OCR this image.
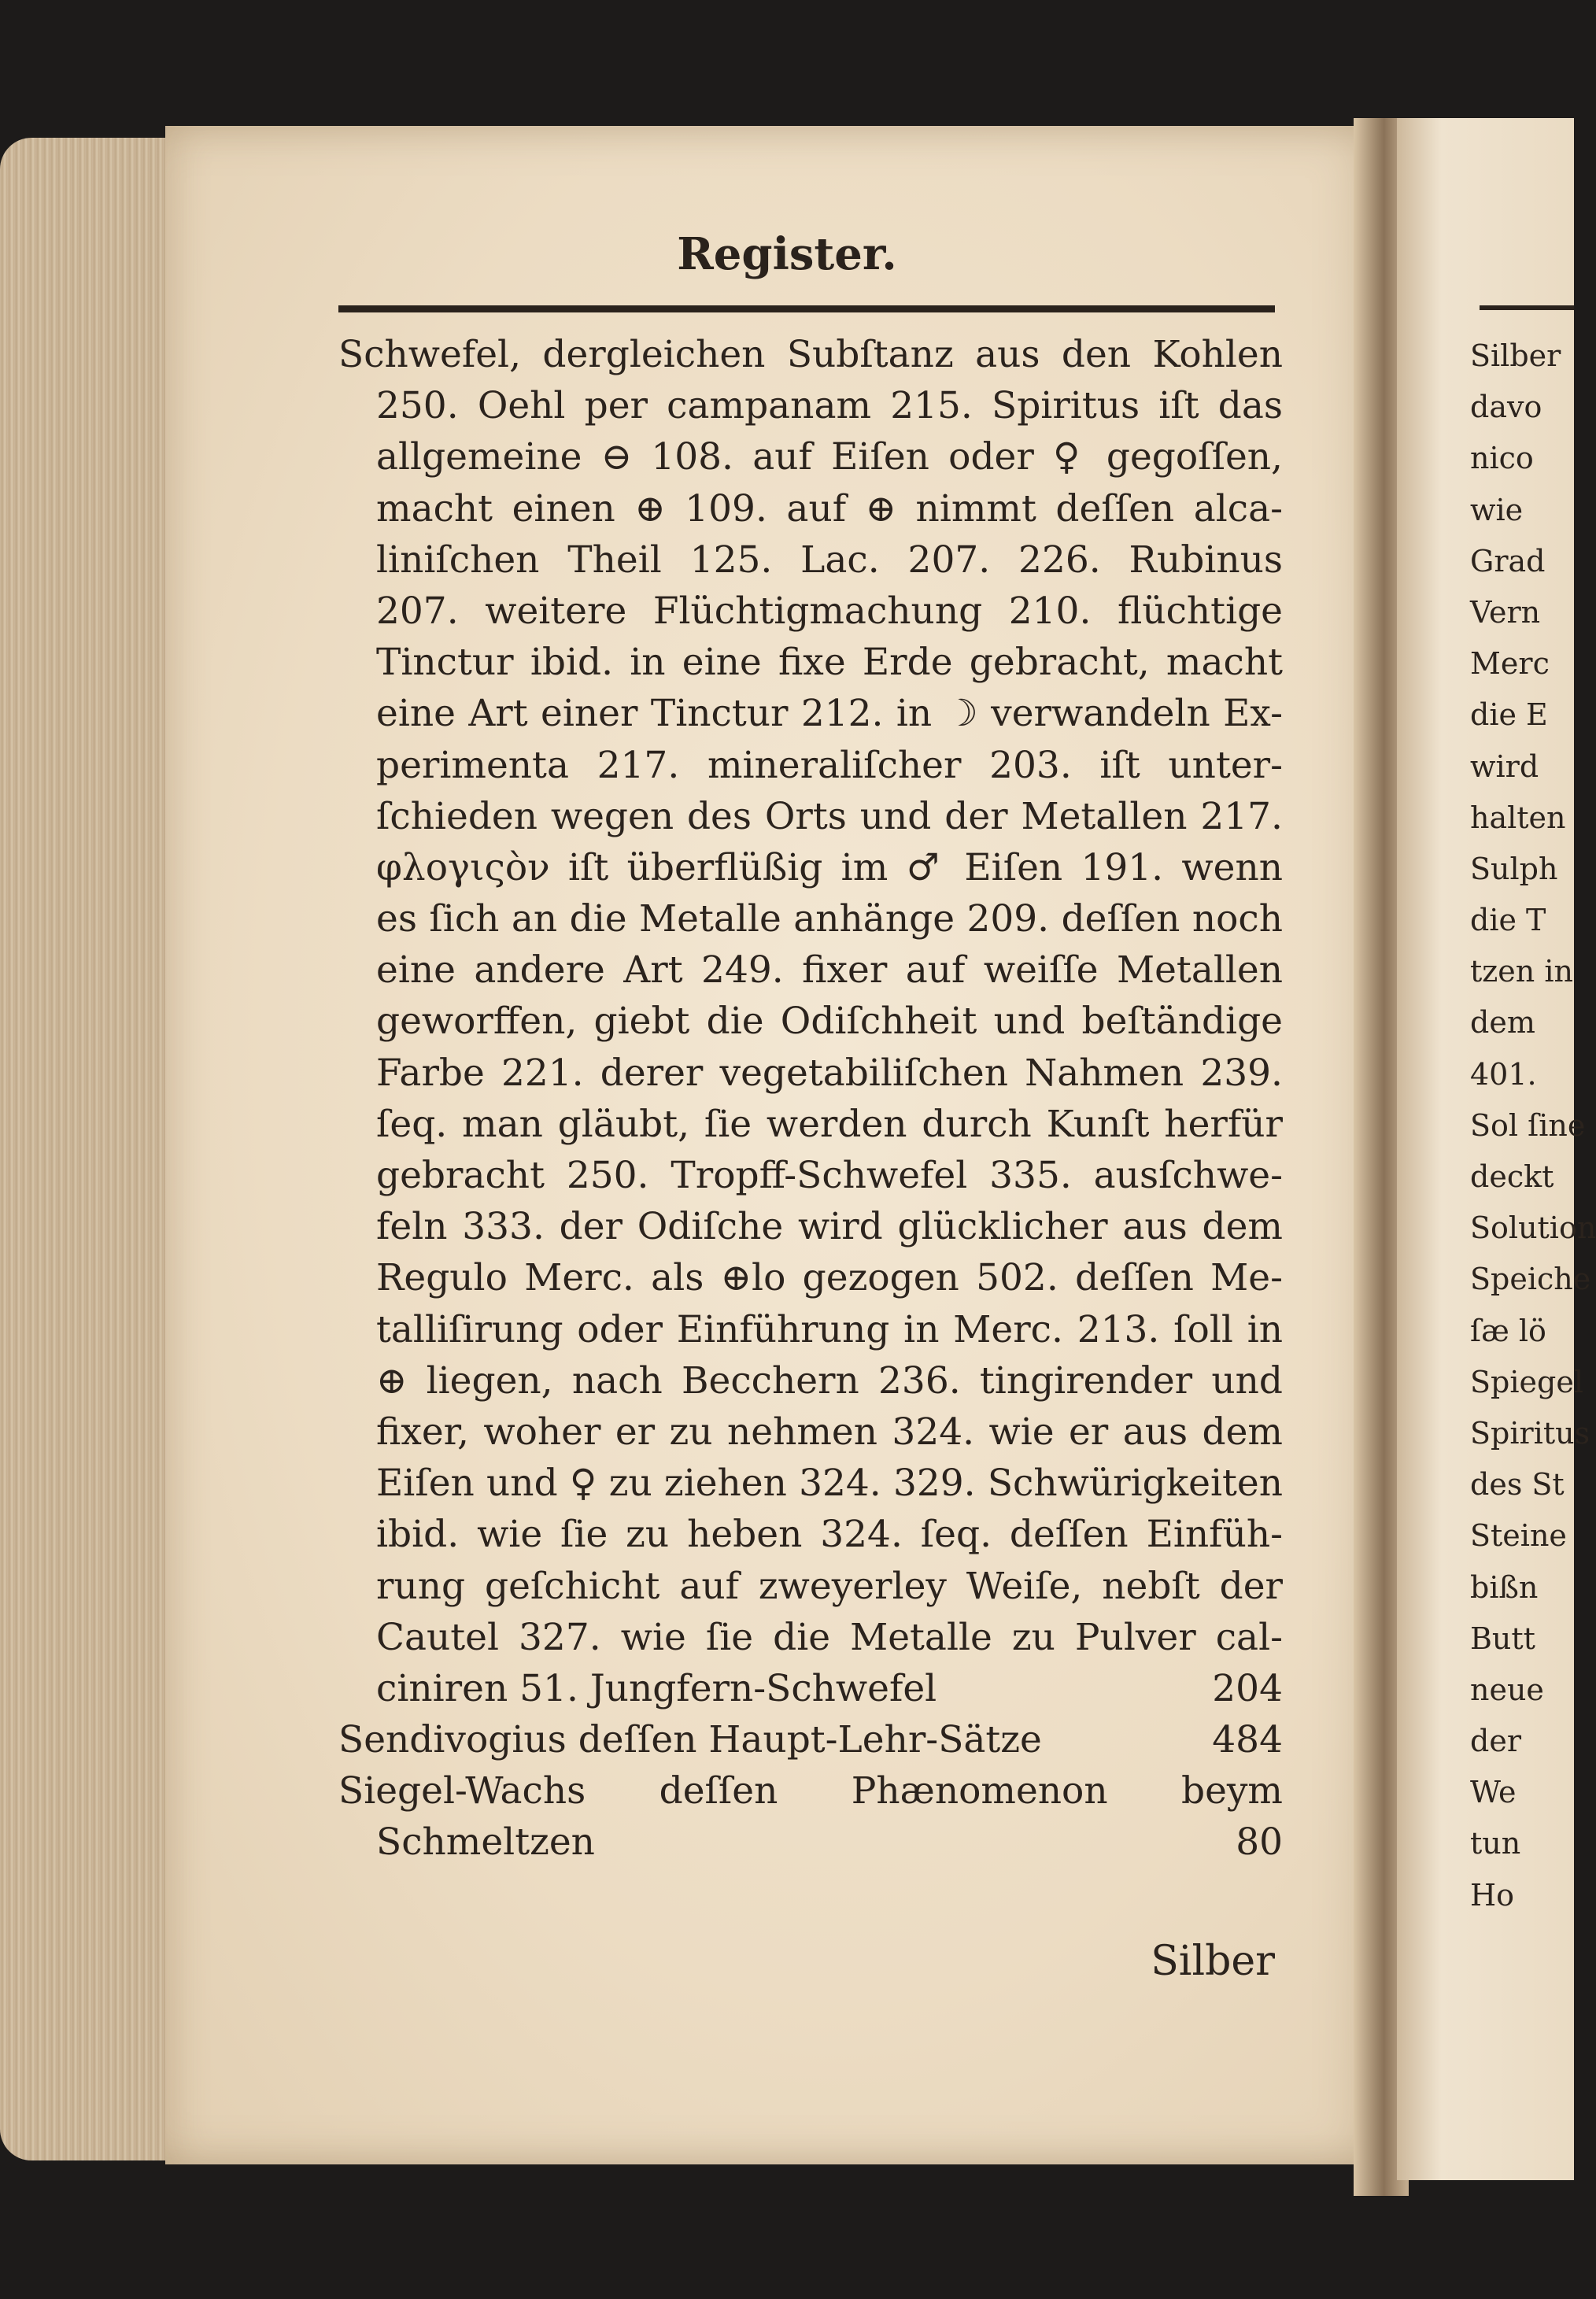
Register.
Schwefel, dergleichen Subſtanz aus den Kohlen
250. Oehl per campanam 215. Spiritus iſt das
allgemeine ⊖ 108. auf Eiſen oder ♀ gegoſſen,
macht einen ⊕ 109. auf ⊕ nimmt deſſen alca-
liniſchen Theil 125. Lac. 207. 226. Rubinus
207. weitere Flüchtigmachung 210. flüchtige
Tinctur ibid. in eine fixe Erde gebracht, macht
eine Art einer Tinctur 212. in ☽ verwandeln Ex-
perimenta 217. mineraliſcher 203. iſt unter-
ſchieden wegen des Orts und der Metallen 217.
φλογιςὸν iſt überflüßig im ♂ Eiſen 191. wenn
es ſich an die Metalle anhänge 209. deſſen noch
eine andere Art 249. fixer auf weiſſe Metallen
geworffen, giebt die Odiſchheit und beſtändige
Farbe 221. derer vegetabiliſchen Nahmen 239.
ſeq. man gläubt, ſie werden durch Kunſt herfür
gebracht 250. Tropff-Schwefel 335. ausſchwe-
feln 333. der Odiſche wird glücklicher aus dem
Regulo Merc. als ⊕lo gezogen 502. deſſen Me-
talliſirung oder Einführung in Merc. 213. ſoll in
⊕ liegen, nach Becchern 236. tingirender und
fixer, woher er zu nehmen 324. wie er aus dem
Eiſen und ♀ zu ziehen 324. 329. Schwürigkeiten
ibid. wie ſie zu heben 324. ſeq. deſſen Einfüh-
rung geſchicht auf zweyerley Weiſe, nebſt der
Cautel 327. wie ſie die Metalle zu Pulver cal-
ciniren 51. Jungfern-Schwefel	204
Sendivogius deſſen Haupt-Lehr-Sätze	484
Siegel-Wachs deſſen Phænomenon beym
Schmeltzen	80
Silber
Silber
davo
nico
wie
Grad
Vern
Merc
die E
wird
halten
Sulph
die T
tzen in
dem
401.
Sol ſine
deckt
Solution
Speiche
ſæ lö
Spiegel
Spiritus
des St
Steine
bißn
Butt
neue
der
We
tun
Ho
